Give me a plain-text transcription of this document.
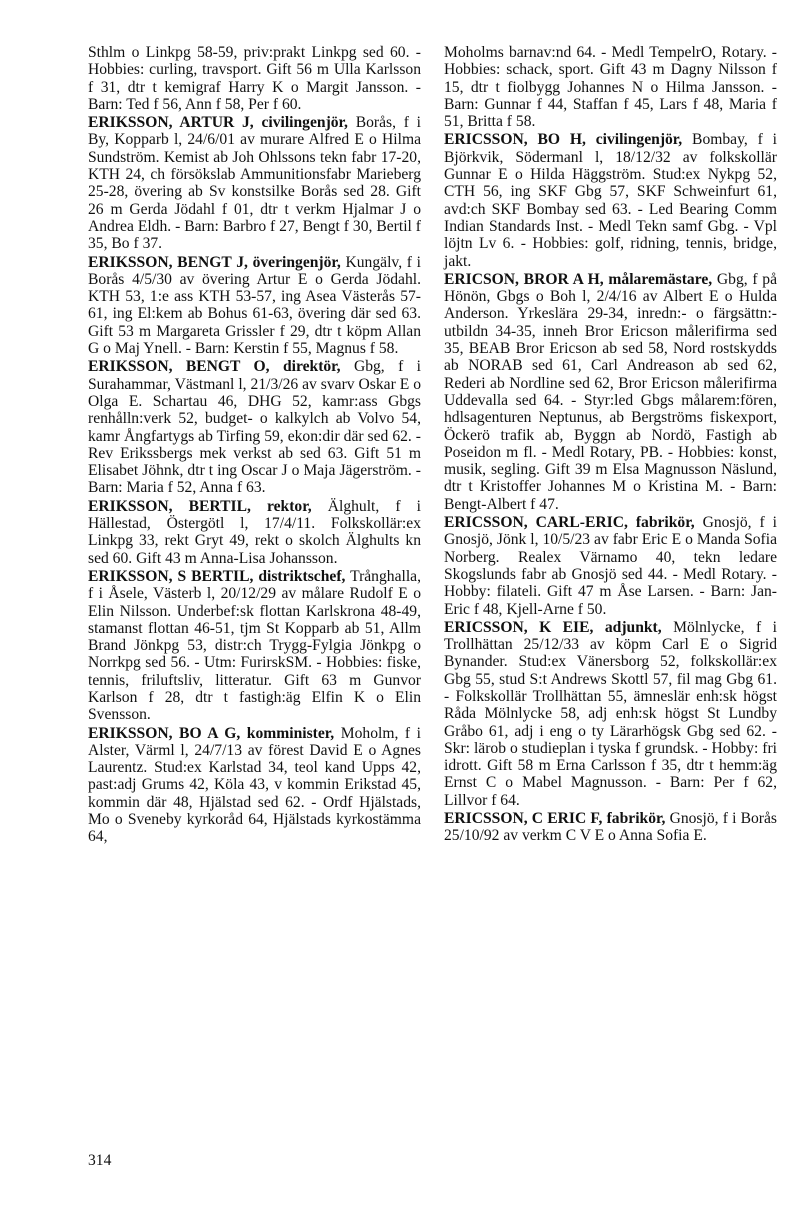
Sthlm o Linkpg 58-59, priv:prakt Linkpg sed 60. - Hobbies: curling, travsport. Gift 56 m Ulla Karlsson f 31, dtr t kemigraf Harry K o Margit Jansson. - Barn: Ted f 56, Ann f 58, Per f 60.
ERIKSSON, ARTUR J, civilingenjör, Borås, f i By, Kopparb l, 24/6/01 av murare Alfred E o Hilma Sundström. Kemist ab Joh Ohlssons tekn fabr 17-20, KTH 24, ch försökslab Ammunitionsfabr Marieberg 25-28, övering ab Sv konstsilke Borås sed 28. Gift 26 m Gerda Jödahl f 01, dtr t verkm Hjalmar J o Andrea Eldh. - Barn: Barbro f 27, Bengt f 30, Bertil f 35, Bo f 37.
ERIKSSON, BENGT J, överingenjör, Kungälv, f i Borås 4/5/30 av övering Artur E o Gerda Jödahl. KTH 53, 1:e ass KTH 53-57, ing Asea Västerås 57-61, ing El:kem ab Bohus 61-63, övering där sed 63. Gift 53 m Margareta Grissler f 29, dtr t köpm Allan G o Maj Ynell. - Barn: Kerstin f 55, Magnus f 58.
ERIKSSON, BENGT O, direktör, Gbg, f i Surahammar, Västmanl l, 21/3/26 av svarv Oskar E o Olga E. Schartau 46, DHG 52, kamr:ass Gbgs renhålln:verk 52, budget- o kalkylch ab Volvo 54, kamr Ångfartygs ab Tirfing 59, ekon:dir där sed 62. - Rev Erikssbergs mek verkst ab sed 63. Gift 51 m Elisabet Jöhnk, dtr t ing Oscar J o Maja Jägerström. - Barn: Maria f 52, Anna f 63.
ERIKSSON, BERTIL, rektor, Älghult, f i Hällestad, Östergötl l, 17/4/11. Folkskollär:ex Linkpg 33, rekt Gryt 49, rekt o skolch Älghults kn sed 60. Gift 43 m Anna-Lisa Johansson.
ERIKSSON, S BERTIL, distriktschef, Trånghalla, f i Åsele, Västerb l, 20/12/29 av målare Rudolf E o Elin Nilsson. Underbef:sk flottan Karlskrona 48-49, stamanst flottan 46-51, tjm St Kopparb ab 51, Allm Brand Jönkpg 53, distr:ch Trygg-Fylgia Jönkpg o Norrkpg sed 56. - Utm: FurirskSM. - Hobbies: fiske, tennis, friluftsliv, litteratur. Gift 63 m Gunvor Karlson f 28, dtr t fastigh:äg Elfin K o Elin Svensson.
ERIKSSON, BO A G, komminister, Moholm, f i Alster, Värml l, 24/7/13 av förest David E o Agnes Laurentz. Stud:ex Karlstad 34, teol kand Upps 42, past:adj Grums 42, Köla 43, v kommin Erikstad 45, kommin där 48, Hjälstad sed 62. - Ordf Hjälstads, Mo o Sveneby kyrkoråd 64, Hjälstads kyrkostämma 64,
Moholms barnav:nd 64. - Medl TempelrO, Rotary. - Hobbies: schack, sport. Gift 43 m Dagny Nilsson f 15, dtr t fiolbygg Johannes N o Hilma Jansson. - Barn: Gunnar f 44, Staffan f 45, Lars f 48, Maria f 51, Britta f 58.
ERICSSON, BO H, civilingenjör, Bombay, f i Björkvik, Södermanl l, 18/12/32 av folkskollär Gunnar E o Hilda Häggström. Stud:ex Nykpg 52, CTH 56, ing SKF Gbg 57, SKF Schweinfurt 61, avd:ch SKF Bombay sed 63. - Led Bearing Comm Indian Standards Inst. - Medl Tekn samf Gbg. - Vpl löjtn Lv 6. - Hobbies: golf, ridning, tennis, bridge, jakt.
ERICSON, BROR A H, målaremästare, Gbg, f på Hönön, Gbgs o Boh l, 2/4/16 av Albert E o Hulda Anderson. Yrkeslära 29-34, inredn:- o färgsättn:- utbildn 34-35, inneh Bror Ericson målerifirma sed 35, BEAB Bror Ericson ab sed 58, Nord rostskydds ab NORAB sed 61, Carl Andreason ab sed 62, Rederi ab Nordline sed 62, Bror Ericson målerifirma Uddevalla sed 64. - Styr:led Gbgs målarem:fören, hdlsagenturen Neptunus, ab Bergströms fiskexport, Öckerö trafik ab, Byggn ab Nordö, Fastigh ab Poseidon m fl. - Medl Rotary, PB. - Hobbies: konst, musik, segling. Gift 39 m Elsa Magnusson Näslund, dtr t Kristoffer Johannes M o Kristina M. - Barn: Bengt-Albert f 47.
ERICSSON, CARL-ERIC, fabrikör, Gnosjö, f i Gnosjö, Jönk l, 10/5/23 av fabr Eric E o Manda Sofia Norberg. Realex Värnamo 40, tekn ledare Skogslunds fabr ab Gnosjö sed 44. - Medl Rotary. - Hobby: filateli. Gift 47 m Åse Larsen. - Barn: Jan-Eric f 48, Kjell-Arne f 50.
ERICSSON, K EIE, adjunkt, Mölnlycke, f i Trollhättan 25/12/33 av köpm Carl E o Sigrid Bynander. Stud:ex Vänersborg 52, folkskollär:ex Gbg 55, stud S:t Andrews Skottl 57, fil mag Gbg 61. - Folkskollär Trollhättan 55, ämneslär enh:sk högst Råda Mölnlycke 58, adj enh:sk högst St Lundby Gråbo 61, adj i eng o ty Lärarhögsk Gbg sed 62. - Skr: lärob o studieplan i tyska f grundsk. - Hobby: fri idrott. Gift 58 m Erna Carlsson f 35, dtr t hemm:äg Ernst C o Mabel Magnusson. - Barn: Per f 62, Lillvor f 64.
ERICSSON, C ERIC F, fabrikör, Gnosjö, f i Borås 25/10/92 av verkm C V E o Anna Sofia E.
314
